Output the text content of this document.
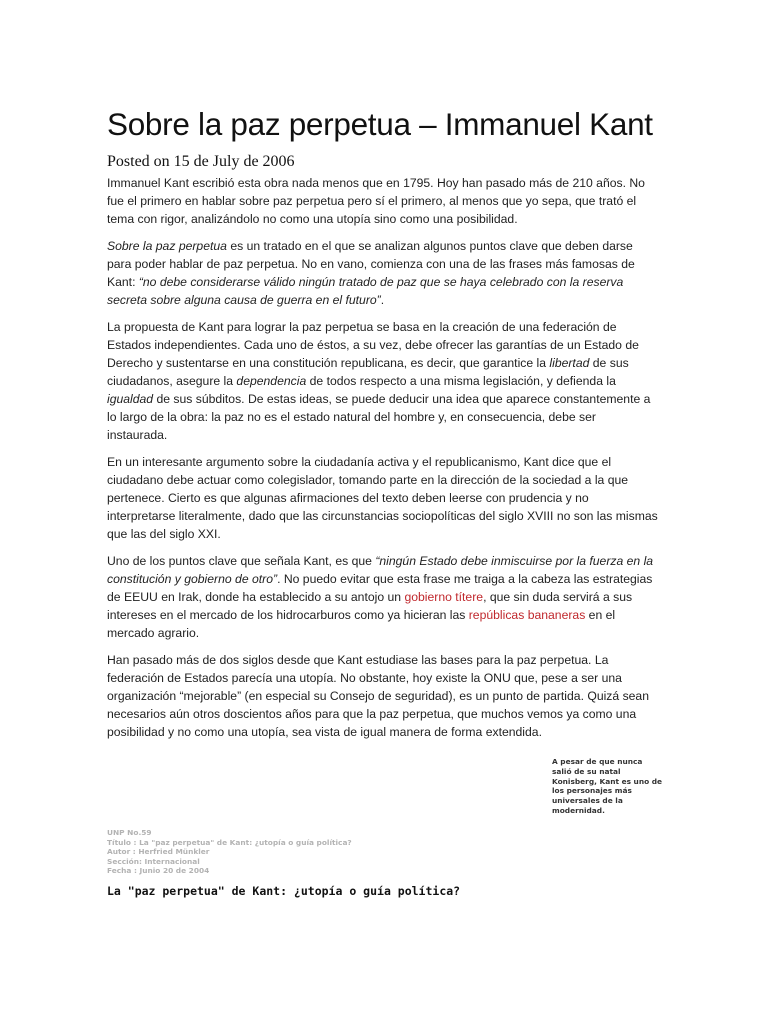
Sobre la paz perpetua – Immanuel Kant
Posted on 15 de July de 2006

Immanuel Kant escribió esta obra nada menos que en 1795. Hoy han pasado más de 210 años. No fue el primero en hablar sobre paz perpetua pero sí el primero, al menos que yo sepa, que trató el tema con rigor, analizándolo no como una utopía sino como una posibilidad.

Sobre la paz perpetua es un tratado en el que se analizan algunos puntos clave que deben darse para poder hablar de paz perpetua. No en vano, comienza con una de las frases más famosas de Kant: “no debe considerarse válido ningún tratado de paz que se haya celebrado con la reserva secreta sobre alguna causa de guerra en el futuro”.

La propuesta de Kant para lograr la paz perpetua se basa en la creación de una federación de Estados independientes. Cada uno de éstos, a su vez, debe ofrecer las garantías de un Estado de Derecho y sustentarse en una constitución republicana, es decir, que garantice la libertad de sus ciudadanos, asegure la dependencia de todos respecto a una misma legislación, y defienda la igualdad de sus súbditos. De estas ideas, se puede deducir una idea que aparece constantemente a lo largo de la obra: la paz no es el estado natural del hombre y, en consecuencia, debe ser instaurada.

En un interesante argumento sobre la ciudadanía activa y el republicanismo, Kant dice que el ciudadano debe actuar como colegislador, tomando parte en la dirección de la sociedad a la que pertenece. Cierto es que algunas afirmaciones del texto deben leerse con prudencia y no interpretarse literalmente, dado que las circunstancias sociopolíticas del siglo XVIII no son las mismas que las del siglo XXI.

Uno de los puntos clave que señala Kant, es que “ningún Estado debe inmiscuirse por la fuerza en la constitución y gobierno de otro”. No puedo evitar que esta frase me traiga a la cabeza las estrategias de EEUU en Irak, donde ha establecido a su antojo un gobierno títere, que sin duda servirá a sus intereses en el mercado de los hidrocarburos como ya hicieran las repúblicas bananeras en el mercado agrario.

Han pasado más de dos siglos desde que Kant estudiase las bases para la paz perpetua. La federación de Estados parecía una utopía. No obstante, hoy existe la ONU que, pese a ser una organización “mejorable” (en especial su Consejo de seguridad), es un punto de partida. Quizá sean necesarios aún otros doscientos años para que la paz perpetua, que muchos vemos ya como una posibilidad y no como una utopía, sea vista de igual manera de forma extendida.

A pesar de que nunca salió de su natal Konisberg, Kant es uno de los personajes más universales de la modernidad.
UNP No.59
Título : La "paz perpetua" de Kant: ¿utopía o guía política?
Autor : Herfried Münkler
Sección: Internacional
Fecha : Junio 20 de 2004
La "paz perpetua" de Kant: ¿utopía o guía política?
